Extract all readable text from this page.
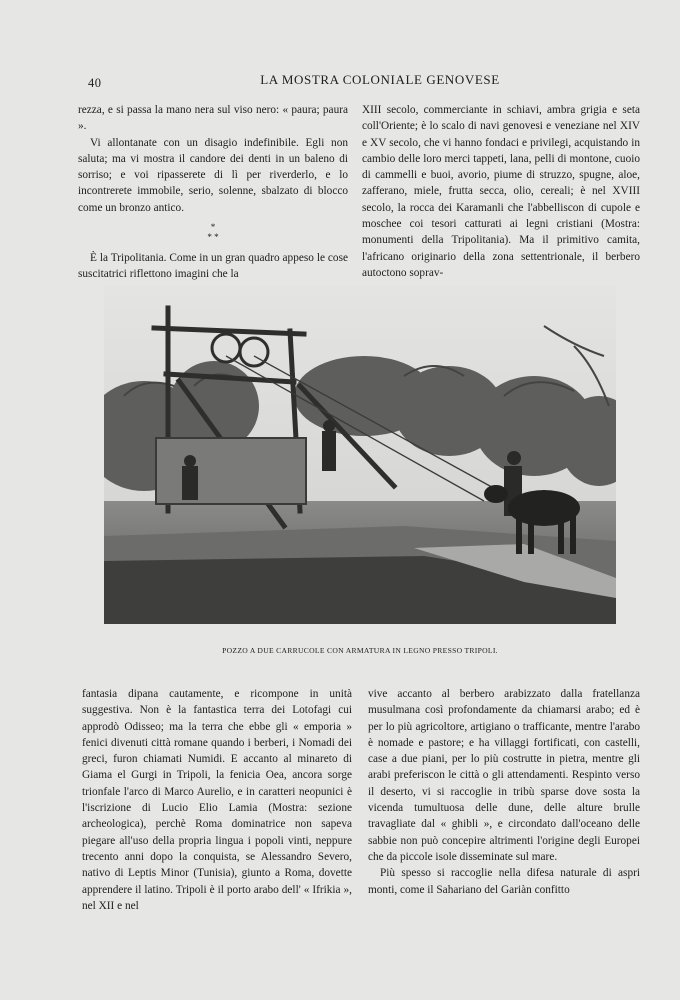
40	LA MOSTRA COLONIALE GENOVESE

rezza, e si passa la mano nera sul viso nero: « paura; paura ».

Vi allontanate con un disagio indefinibile. Egli non saluta; ma vi mostra il candore dei denti in un baleno di sorriso; e voi ripasserete di lì per riverderlo, e lo incontrerete immobile, serio, solenne, sbalzato di blocco come un bronzo antico.

*
* *

È la Tripolitania. Come in un gran quadro appeso le cose suscitatrici riflettono imagini che la

XIII secolo, commerciante in schiavi, ambra grigia e seta coll'Oriente; è lo scalo di navi genovesi e veneziane nel XIV e XV secolo, che vi hanno fondaci e privilegi, acquistando in cambio delle loro merci tappeti, lana, pelli di montone, cuoio di cammelli e buoi, avorio, piume di struzzo, spugne, aloe, zafferano, miele, frutta secca, olio, cereali; è nel XVIII secolo, la rocca dei Karamanli che l'abbelliscon di cupole e moschee coi tesori catturati ai legni cristiani (Mostra: monumenti della Tripolitania). Ma il primitivo camita, l'africano originario della zona settentrionale, il berbero autoctono soprav-

POZZO A DUE CARRUCOLE CON ARMATURA IN LEGNO PRESSO TRIPOLI.

fantasia dipana cautamente, e ricompone in unità suggestiva. Non è la fantastica terra dei Lotofagi cui approdò Odisseo; ma la terra che ebbe gli « emporia » fenici divenuti città romane quando i berberi, i Nomadi dei greci, furon chiamati Numidi. E accanto al minareto di Giama el Gurgi in Tripoli, la fenicia Oea, ancora sorge trionfale l'arco di Marco Aurelio, e in caratteri neopunici è l'iscrizione di Lucio Elio Lamia (Mostra: sezione archeologica), perchè Roma dominatrice non sapeva piegare all'uso della propria lingua i popoli vinti, neppure trecento anni dopo la conquista, se Alessandro Severo, nativo di Leptis Minor (Tunisia), giunto a Roma, dovette apprendere il latino. Tripoli è il porto arabo dell' « Ifrikia », nel XII e nel

vive accanto al berbero arabizzato dalla fratellanza musulmana così profondamente da chiamarsi arabo; ed è per lo più agricoltore, artigiano o trafficante, mentre l'arabo è nomade e pastore; e ha villaggi fortificati, con castelli, case a due piani, per lo più costrutte in pietra, mentre gli arabi preferiscon le città o gli attendamenti. Respinto verso il deserto, vi si raccoglie in tribù sparse dove sosta la vicenda tumultuosa delle dune, delle alture brulle travagliate dal « ghibli », e circondato dall'oceano delle sabbie non può concepire altrimenti l'origine degli Europei che da piccole isole disseminate sul mare.

Più spesso si raccoglie nella difesa naturale di aspri monti, come il Sahariano del Gariàn confitto
